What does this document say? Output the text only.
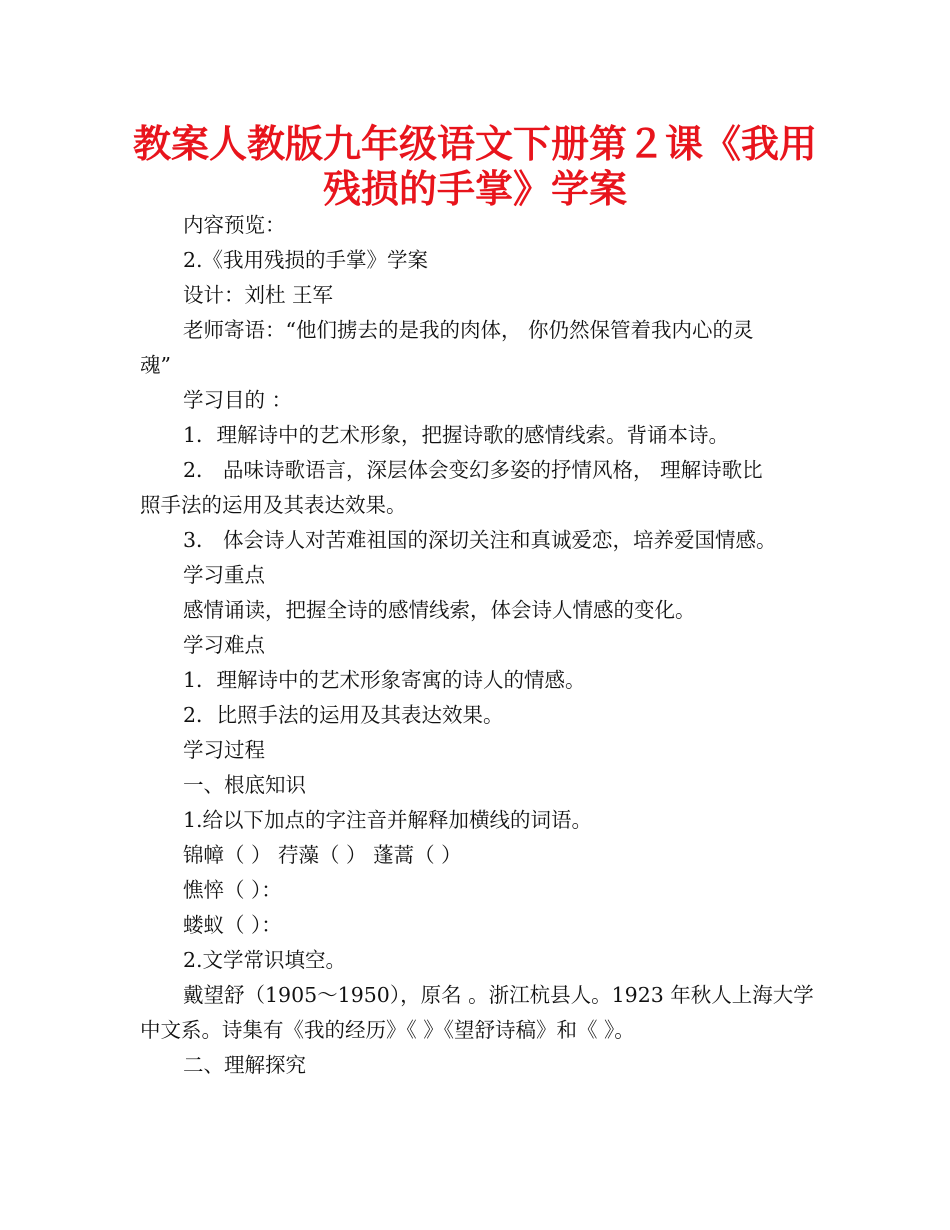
教案人教版九年级语文下册第２课《我用
残损的手掌》学案
内容预览：
2.《我用残损的手掌》学案
设计：刘杜 王军
老师寄语：“他们掳去的是我的肉体， 你仍然保管着我内心的灵
魂”
学习目的 ：
1．理解诗中的艺术形象，把握诗歌的感情线索。背诵本诗。
2． 品味诗歌语言，深层体会变幻多姿的抒情风格， 理解诗歌比
照手法的运用及其表达效果。
3． 体会诗人对苦难祖国的深切关注和真诚爱恋，培养爱国情感。
学习重点
感情诵读，把握全诗的感情线索，体会诗人情感的变化。
学习难点
1．理解诗中的艺术形象寄寓的诗人的情感。
2．比照手法的运用及其表达效果。
学习过程
一、根底知识
1.给以下加点的字注音并解释加横线的词语。
锦幛（ ） 荇藻（ ） 蓬蒿（ ）
憔悴（ ）：
蝼蚁（ ）：
2.文学常识填空。
戴望舒（1905～1950），原名 。浙江杭县人。1923 年秋人上海大学
中文系。诗集有《我的经历》《 》《望舒诗稿》和《 》。
二、理解探究
